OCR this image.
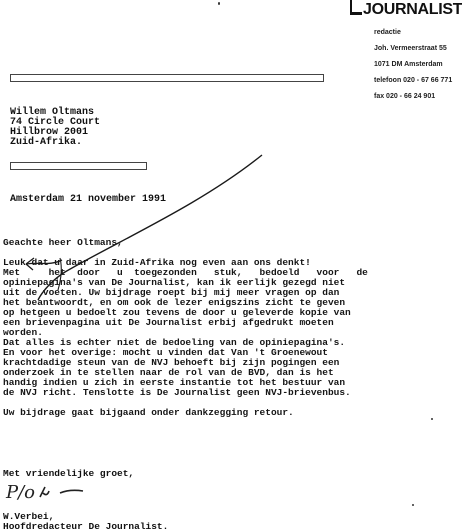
JOURNALIST
redactie
Joh. Vermeerstraat 55
1071 DM Amsterdam
telefoon 020 - 67 66 771
fax 020 - 66 24 901
Willem Oltmans
74 Circle Court
Hillbrow 2001
Zuid-Afrika.
Amsterdam 21 november 1991

Geachte heer Oltmans,

Leuk dat u daar in Zuid-Afrika nog even aan ons denkt!

Met     het  door   u  toegezonden   stuk,   bedoeld   voor   de

opiniepagina's van De Journalist, kan ik eerlijk gezegd niet

uit de voeten. Uw bijdrage roept bij mij meer vragen op dan

het beantwoordt, en om ook de lezer enigszins zicht te geven

op hetgeen u bedoelt zou tevens de door u geleverde kopie van

een brievenpagina uit De Journalist erbij afgedrukt moeten

worden.

Dat alles is echter niet de bedoeling van de opiniepagina's.

En voor het overige: mocht u vinden dat Van 't Groenewout

krachtdadige steun van de NVJ behoeft bij zijn pogingen een

onderzoek in te stellen naar de rol van de BVD, dan is het

handig indien u zich in eerste instantie tot het bestuur van

de NVJ richt. Tenslotte is De Journalist geen NVJ-brievenbus.

Uw bijdrage gaat bijgaand onder dankzegging retour.

Met vriendelijke groet,
P/o
W.Verbei,
Hoofdredacteur De Journalist.
